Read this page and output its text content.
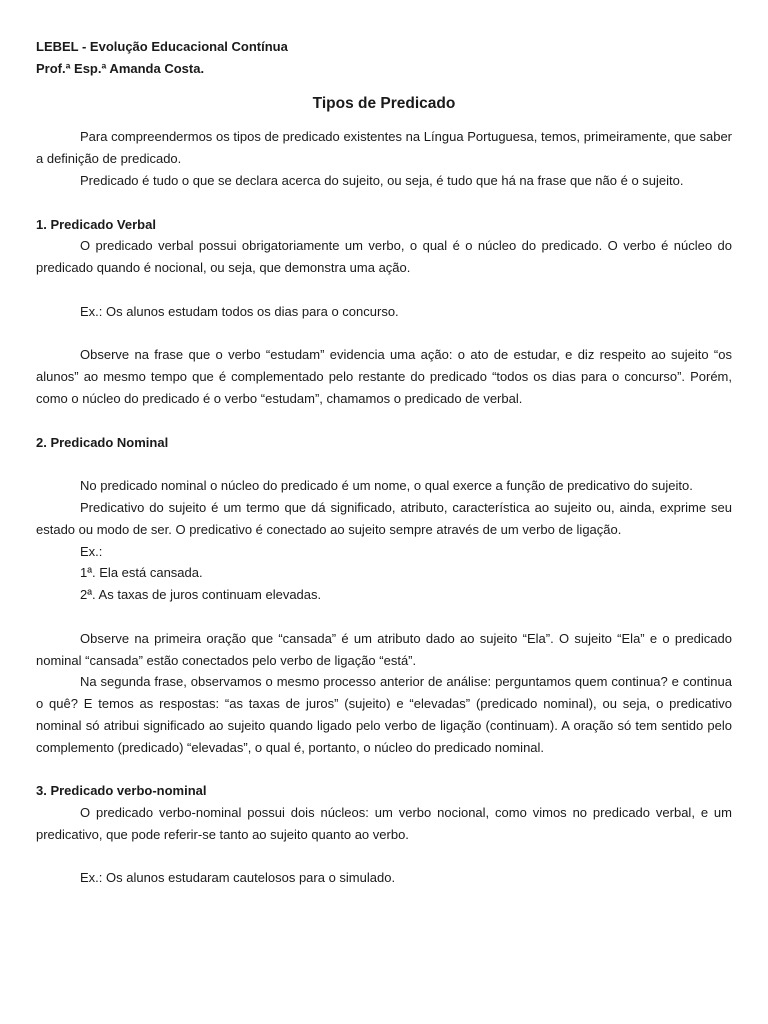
LEBEL - Evolução Educacional Contínua

Prof.ª Esp.ª Amanda Costa.

Tipos de Predicado

Para compreendermos os tipos de predicado existentes na Língua Portuguesa, temos, primeiramente, que saber a definição de predicado.

Predicado é tudo o que se declara acerca do sujeito, ou seja, é tudo que há na frase que não é o sujeito.

1. Predicado Verbal

O predicado verbal possui obrigatoriamente um verbo, o qual é o núcleo do predicado. O verbo é núcleo do predicado quando é nocional, ou seja, que demonstra uma ação.

Ex.: Os alunos estudam todos os dias para o concurso.

Observe na frase que o verbo “estudam” evidencia uma ação: o ato de estudar, e diz respeito ao sujeito “os alunos” ao mesmo tempo que é complementado pelo restante do predicado “todos os dias para o concurso”. Porém, como o núcleo do predicado é o verbo “estudam”, chamamos o predicado de verbal.

2. Predicado Nominal

No predicado nominal o núcleo do predicado é um nome, o qual exerce a função de predicativo do sujeito.

Predicativo do sujeito é um termo que dá significado, atributo, característica ao sujeito ou, ainda, exprime seu estado ou modo de ser. O predicativo é conectado ao sujeito sempre através de um verbo de ligação.

Ex.:

1ª. Ela está cansada.

2ª. As taxas de juros continuam elevadas.

Observe na primeira oração que “cansada” é um atributo dado ao sujeito “Ela”. O sujeito “Ela” e o predicado nominal “cansada” estão conectados pelo verbo de ligação “está”.

Na segunda frase, observamos o mesmo processo anterior de análise: perguntamos quem continua? e continua o quê? E temos as respostas: “as taxas de juros” (sujeito) e “elevadas” (predicado nominal), ou seja, o predicativo nominal só atribui significado ao sujeito quando ligado pelo verbo de ligação (continuam). A oração só tem sentido pelo complemento (predicado) “elevadas”, o qual é, portanto, o núcleo do predicado nominal.

3. Predicado verbo-nominal

O predicado verbo-nominal possui dois núcleos: um verbo nocional, como vimos no predicado verbal, e um predicativo, que pode referir-se tanto ao sujeito quanto ao verbo.

Ex.: Os alunos estudaram cautelosos para o simulado.
